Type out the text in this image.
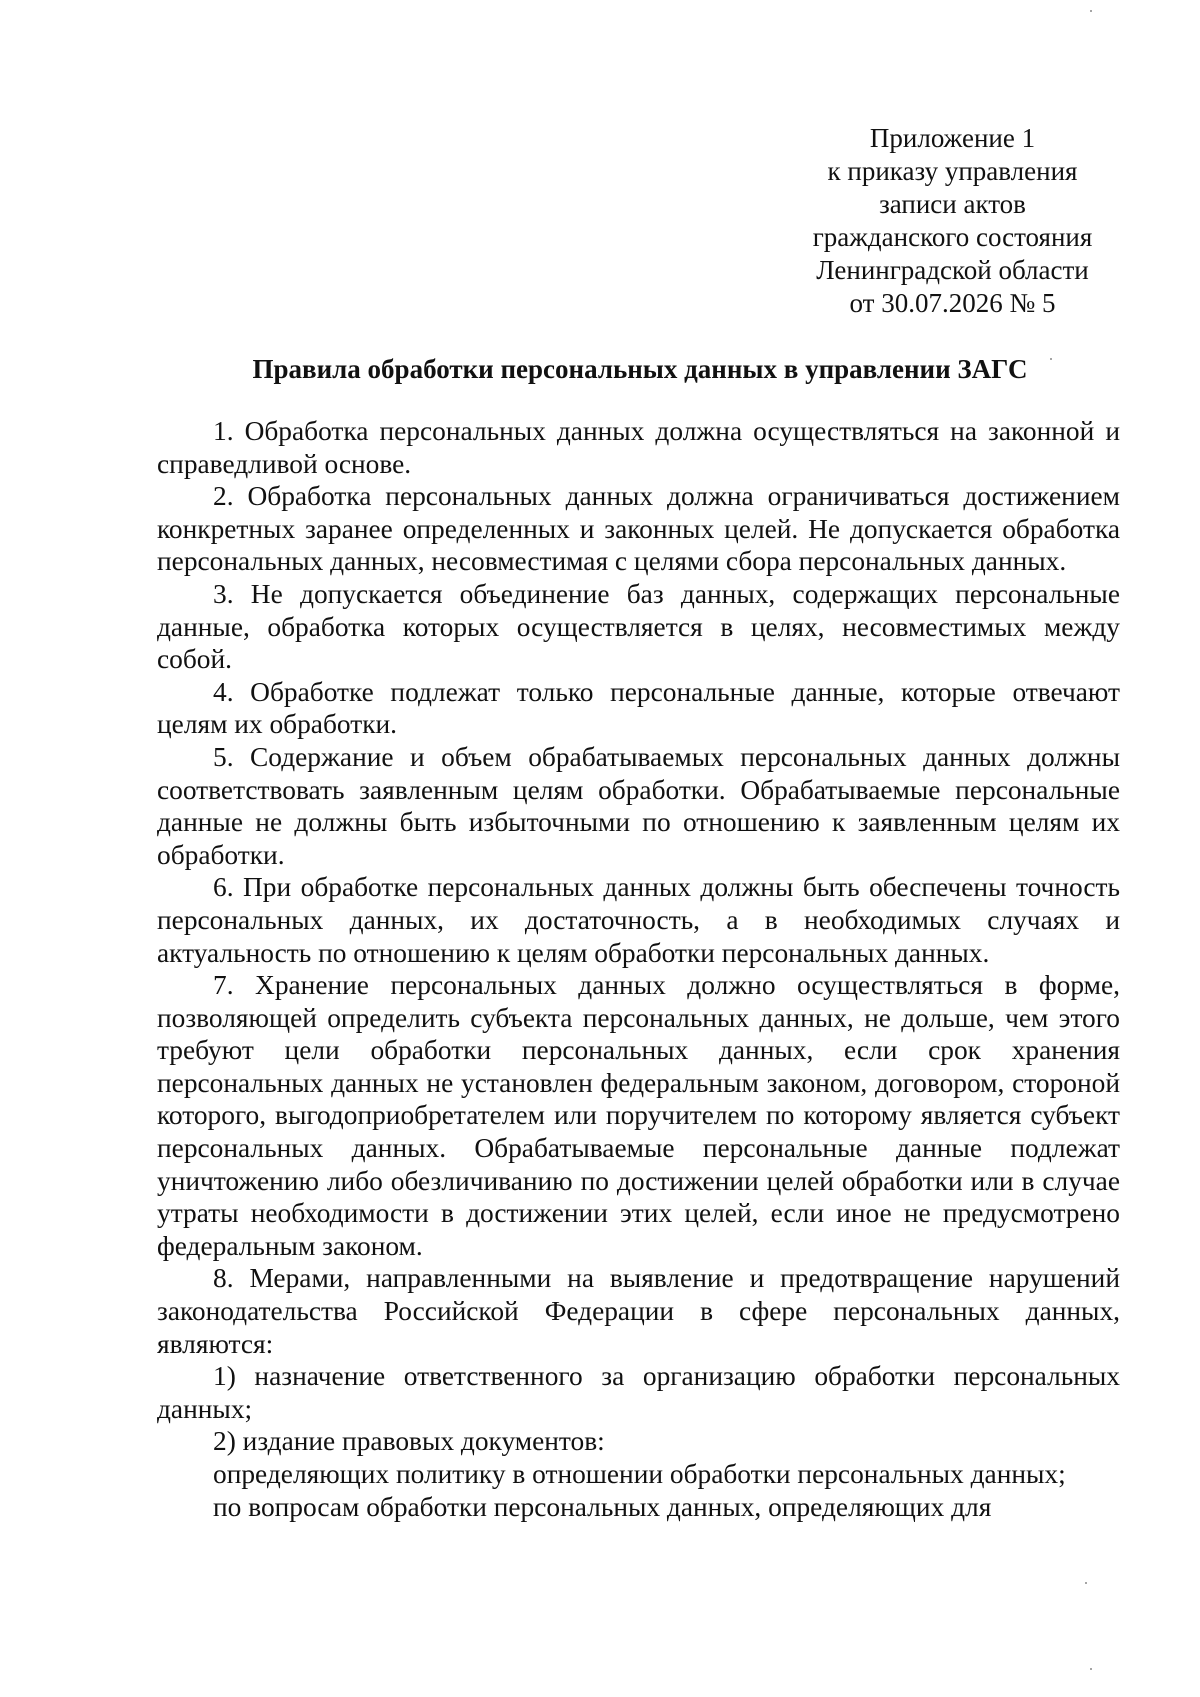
Приложение 1
к приказу управления
записи актов
гражданского состояния
Ленинградской области
от 30.07.2026 № 5
Правила обработки персональных данных в управлении ЗАГС

1. Обработка персональных данных должна осуществляться на законной и справедливой основе.

2. Обработка персональных данных должна ограничиваться достижением конкретных заранее определенных и законных целей. Не допускается обработка персональных данных, несовместимая с целями сбора персональных данных.

3. Не допускается объединение баз данных, содержащих персональные данные, обработка которых осуществляется в целях, несовместимых между собой.

4. Обработке подлежат только персональные данные, которые отвечают целям их обработки.

5. Содержание и объем обрабатываемых персональных данных должны соответствовать заявленным целям обработки. Обрабатываемые персональные данные не должны быть избыточными по отношению к заявленным целям их обработки.

6. При обработке персональных данных должны быть обеспечены точность персональных данных, их достаточность, а в необходимых случаях и актуальность по отношению к целям обработки персональных данных.

7. Хранение персональных данных должно осуществляться в форме, позволяющей определить субъекта персональных данных, не дольше, чем этого требуют цели обработки персональных данных, если срок хранения персональных данных не установлен федеральным законом, договором, стороной которого, выгодоприобретателем или поручителем по которому является субъект персональных данных. Обрабатываемые персональные данные подлежат уничтожению либо обезличиванию по достижении целей обработки или в случае утраты необходимости в достижении этих целей, если иное не предусмотрено федеральным законом.

8. Мерами, направленными на выявление и предотвращение нарушений законодательства Российской Федерации в сфере персональных данных, являются:

1) назначение ответственного за организацию обработки персональных данных;

2) издание правовых документов:

определяющих политику в отношении обработки персональных данных;

по вопросам обработки персональных данных, определяющих для
